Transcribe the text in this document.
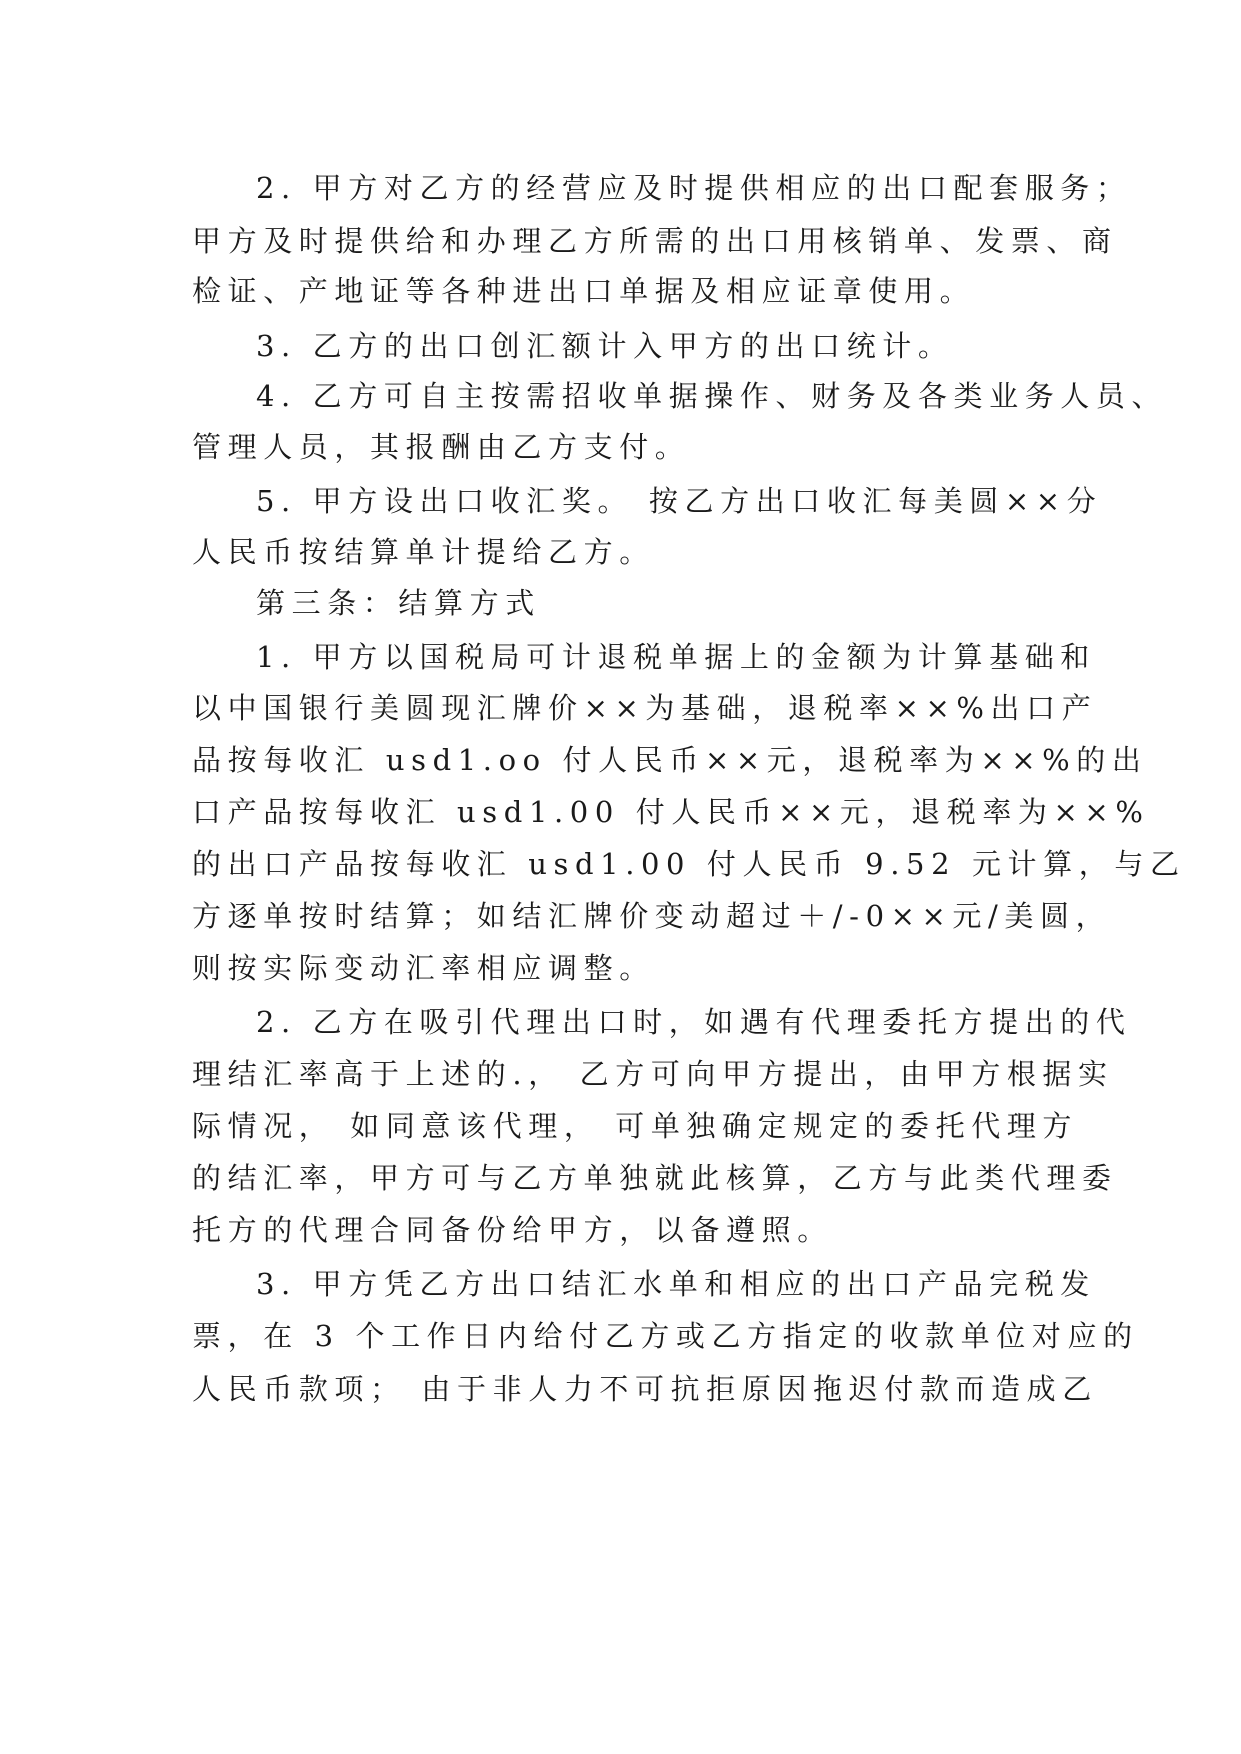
2. 甲方对乙方的经营应及时提供相应的出口配套服务；
甲方及时提供给和办理乙方所需的出口用核销单、发票、商
检证、产地证等各种进出口单据及相应证章使用。
3. 乙方的出口创汇额计入甲方的出口统计。
4. 乙方可自主按需招收单据操作、财务及各类业务人员、
管理人员，其报酬由乙方支付。
5. 甲方设出口收汇奖。 按乙方出口收汇每美圆××分
人民币按结算单计提给乙方。
第三条：结算方式
1. 甲方以国税局可计退税单据上的金额为计算基础和
以中国银行美圆现汇牌价××为基础，退税率××%出口产
品按每收汇 usd1.oo 付人民币××元，退税率为××%的出
口产品按每收汇 usd1.00 付人民币××元，退税率为××%
的出口产品按每收汇 usd1.00 付人民币 9.52 元计算，与乙
方逐单按时结算；如结汇牌价变动超过＋/-0××元/美圆，
则按实际变动汇率相应调整。
2. 乙方在吸引代理出口时，如遇有代理委托方提出的代
理结汇率高于上述的.， 乙方可向甲方提出，由甲方根据实
际情况， 如同意该代理， 可单独确定规定的委托代理方
的结汇率，甲方可与乙方单独就此核算，乙方与此类代理委
托方的代理合同备份给甲方，以备遵照。
3. 甲方凭乙方出口结汇水单和相应的出口产品完税发
票，在 3 个工作日内给付乙方或乙方指定的收款单位对应的
人民币款项； 由于非人力不可抗拒原因拖迟付款而造成乙
